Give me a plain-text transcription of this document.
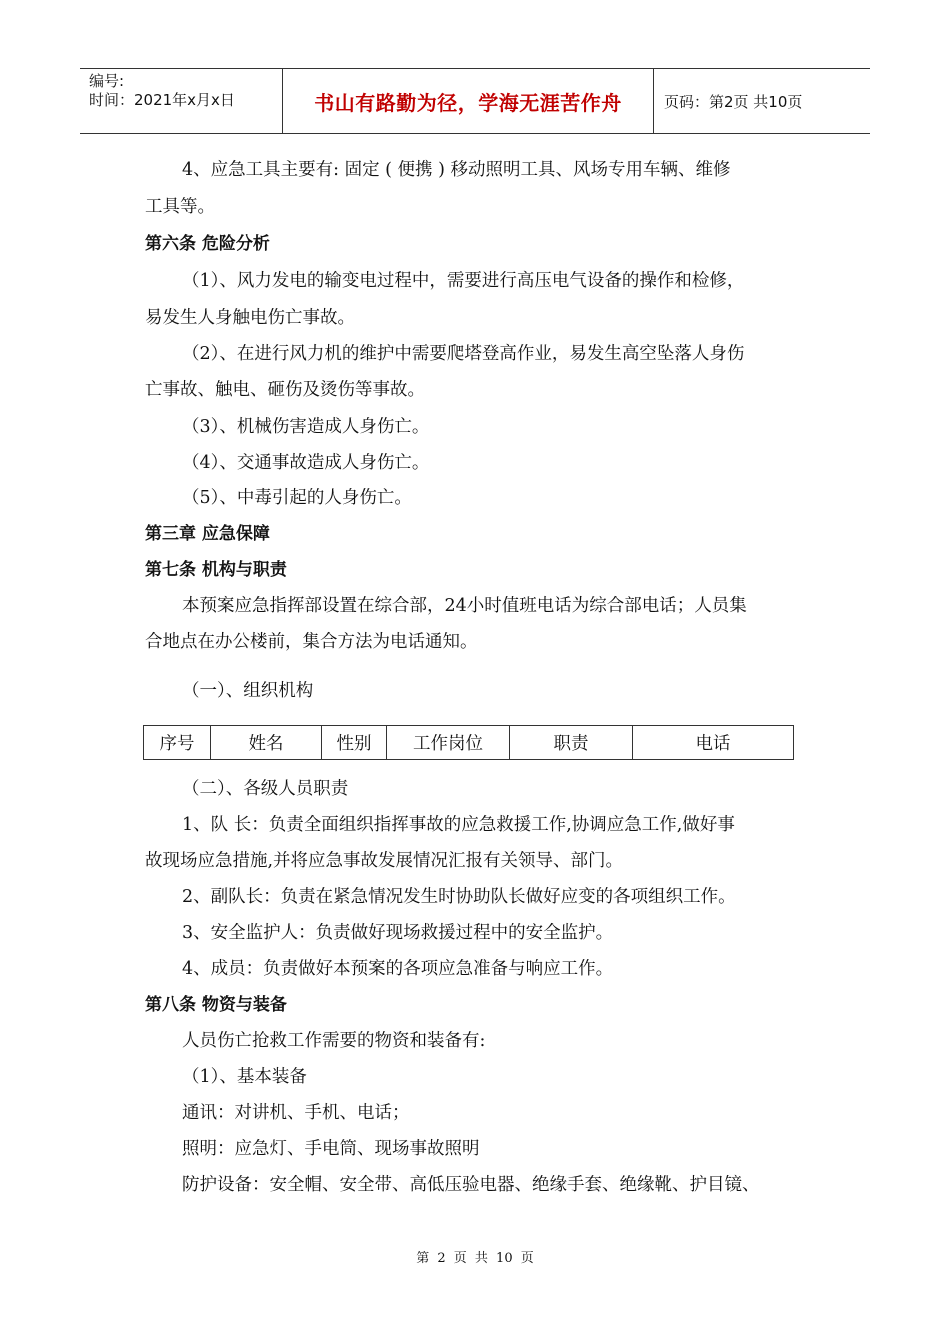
编号:
时间：2021年x月x日	书山有路勤为径，学海无涯苦作舟	页码：第2页 共10页
4、应急工具主要有: 固定 ( 便携 ) 移动照明工具、风场专用车辆、维修
工具等。
第六条 危险分析
（1）、风力发电的输变电过程中，需要进行高压电气设备的操作和检修，
易发生人身触电伤亡事故。
（2）、在进行风力机的维护中需要爬塔登高作业，易发生高空坠落人身伤
亡事故、触电、砸伤及烫伤等事故。
（3）、机械伤害造成人身伤亡。
（4）、交通事故造成人身伤亡。
（5）、中毒引起的人身伤亡。
第三章 应急保障
第七条 机构与职责
本预案应急指挥部设置在综合部，24小时值班电话为综合部电话；人员集
合地点在办公楼前，集合方法为电话通知。
（一）、组织机构
序号	姓名	性别	工作岗位	职责	电话
（二）、各级人员职责
1、队 长：负责全面组织指挥事故的应急救援工作,协调应急工作,做好事
故现场应急措施,并将应急事故发展情况汇报有关领导、部门。
2、副队长：负责在紧急情况发生时协助队长做好应变的各项组织工作。
3、安全监护人：负责做好现场救援过程中的安全监护。
4、成员：负责做好本预案的各项应急准备与响应工作。
第八条 物资与装备
人员伤亡抢救工作需要的物资和装备有:
（1）、基本装备
通讯：对讲机、手机、电话；
照明：应急灯、手电筒、现场事故照明
防护设备：安全帽、安全带、高低压验电器、绝缘手套、绝缘靴、护目镜、
第 2 页 共 10 页
